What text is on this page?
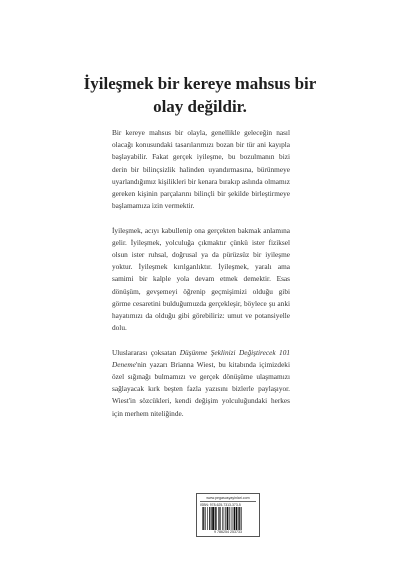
İyileşmek bir kereye mahsus bir
olay değildir.

Bir kereye mahsus bir olayla, genellikle geleceğin nasıl olacağı konusundaki tasarılarımızı bozan bir tür ani kayıpla başlayabilir. Fakat gerçek iyileşme, bu bozulmanın bizi derin bir bilinçsizlik halinden uyandırmasına, bürünmeye uyarlandığımız kişilikleri bir kenara bırakıp aslında olmamız gereken kişinin parçalarını bilinçli bir şekilde birleştirmeye başlamamıza izin vermektir.

İyileşmek, acıyı kabullenip ona gerçekten bakmak anlamına gelir. İyileşmek, yolculuğa çıkmaktır çünkü ister fiziksel olsun ister ruhsal, doğrusal ya da pürüzsüz bir iyileşme yoktur. İyileşmek kırılganlıktır. İyileşmek, yaralı ama samimi bir kalple yola devam etmek demektir. Esas dönüşüm, gevşemeyi öğrenip geçmişimizi olduğu gibi görme cesaretini bulduğumuzda gerçekleşir, böylece şu anki hayatımızı da olduğu gibi görebiliriz: umut ve potansiyelle dolu.

Uluslararası çoksatan Düşünme Şeklinizi Değiştirecek 101 Deneme'nin yazarı Brianna Wiest, bu kitabında içimizdeki özel sığınağı bulmamızı ve gerçek dönüşüme ulaşmamızı sağlayacak kırk beşten fazla yazısını bizlerle paylaşıyor. Wiest'in sözcükleri, kendi değişim yolculuğundaki herkes için merhem niteliğinde.

www.pegasusyayinlari.com
ISBN: 978-625-7313-373-5
9 786254 253733
